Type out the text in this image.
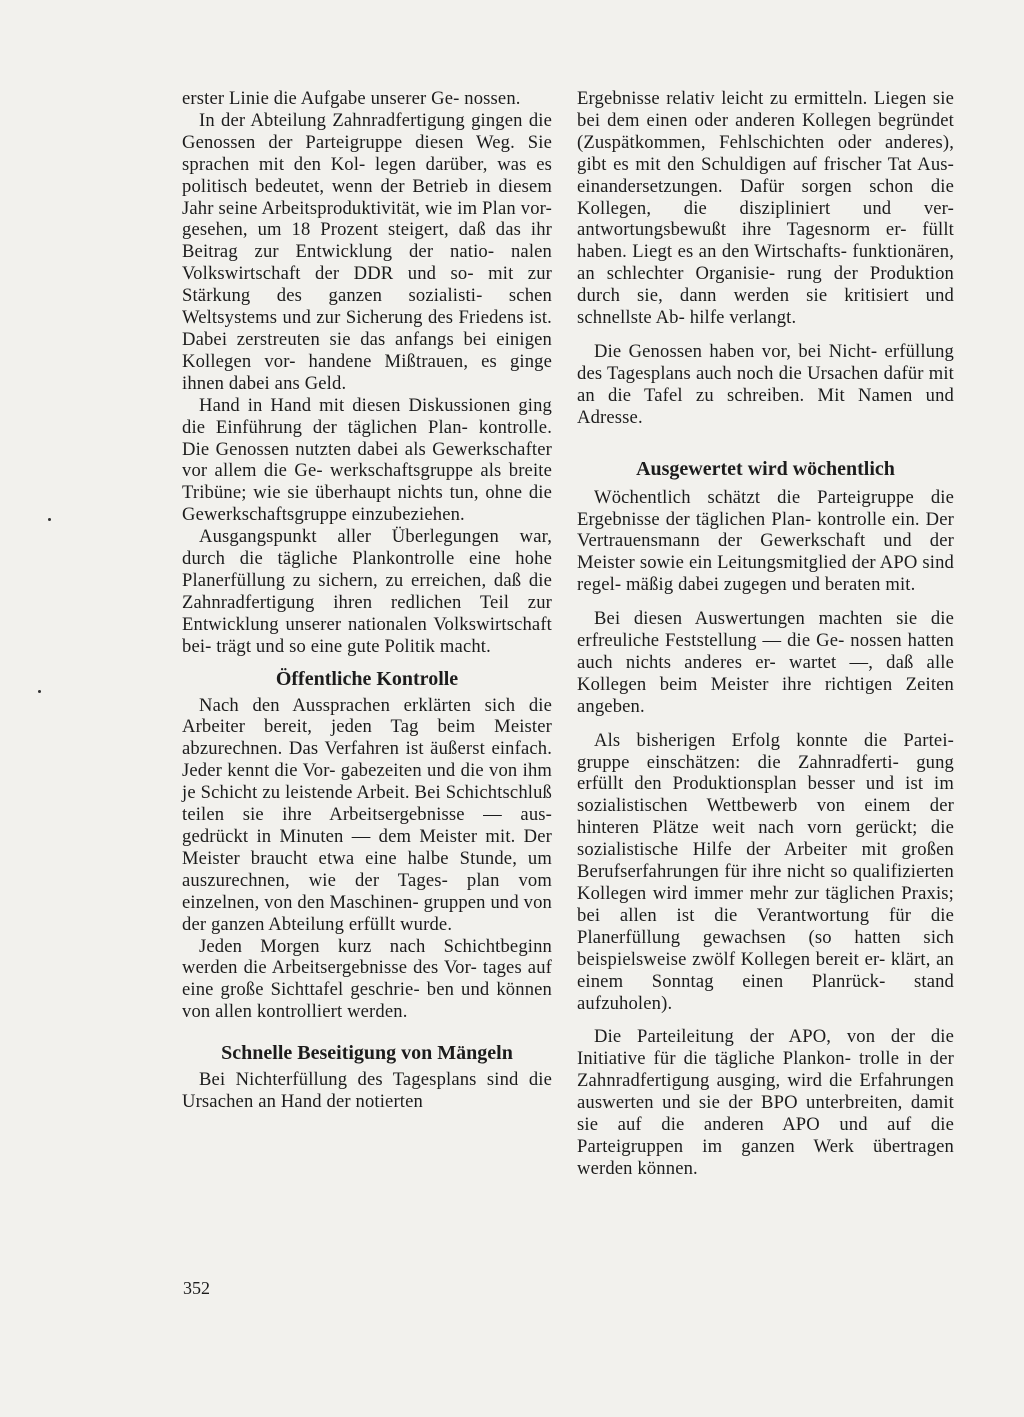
erster Linie die Aufgabe unserer Ge- nossen.

In der Abteilung Zahnradfertigung gingen die Genossen der Parteigruppe diesen Weg. Sie sprachen mit den Kol- legen darüber, was es politisch bedeutet, wenn der Betrieb in diesem Jahr seine Arbeitsproduktivität, wie im Plan vor- gesehen, um 18 Prozent steigert, daß das ihr Beitrag zur Entwicklung der natio- nalen Volkswirtschaft der DDR und so- mit zur Stärkung des ganzen sozialisti- schen Weltsystems und zur Sicherung des Friedens ist. Dabei zerstreuten sie das anfangs bei einigen Kollegen vor- handene Mißtrauen, es ginge ihnen dabei ans Geld.

Hand in Hand mit diesen Diskussionen ging die Einführung der täglichen Plan- kontrolle. Die Genossen nutzten dabei als Gewerkschafter vor allem die Ge- werkschaftsgruppe als breite Tribüne; wie sie überhaupt nichts tun, ohne die Gewerkschaftsgruppe einzubeziehen.

Ausgangspunkt aller Überlegungen war, durch die tägliche Plankontrolle eine hohe Planerfüllung zu sichern, zu erreichen, daß die Zahnradfertigung ihren redlichen Teil zur Entwicklung unserer nationalen Volkswirtschaft bei- trägt und so eine gute Politik macht.

Öffentliche Kontrolle

Nach den Aussprachen erklärten sich die Arbeiter bereit, jeden Tag beim Meister abzurechnen. Das Verfahren ist äußerst einfach. Jeder kennt die Vor- gabezeiten und die von ihm je Schicht zu leistende Arbeit. Bei Schichtschluß teilen sie ihre Arbeitsergebnisse — aus- gedrückt in Minuten — dem Meister mit. Der Meister braucht etwa eine halbe Stunde, um auszurechnen, wie der Tages- plan vom einzelnen, von den Maschinen- gruppen und von der ganzen Abteilung erfüllt wurde.

Jeden Morgen kurz nach Schichtbeginn werden die Arbeitsergebnisse des Vor- tages auf eine große Sichttafel geschrie- ben und können von allen kontrolliert werden.

Schnelle Beseitigung von Mängeln

Bei Nichterfüllung des Tagesplans sind die Ursachen an Hand der notierten

Ergebnisse relativ leicht zu ermitteln. Liegen sie bei dem einen oder anderen Kollegen begründet (Zuspätkommen, Fehlschichten oder anderes), gibt es mit den Schuldigen auf frischer Tat Aus- einandersetzungen. Dafür sorgen schon die Kollegen, die diszipliniert und ver- antwortungsbewußt ihre Tagesnorm er- füllt haben. Liegt es an den Wirtschafts- funktionären, an schlechter Organisie- rung der Produktion durch sie, dann werden sie kritisiert und schnellste Ab- hilfe verlangt.

Die Genossen haben vor, bei Nicht- erfüllung des Tagesplans auch noch die Ursachen dafür mit an die Tafel zu schreiben. Mit Namen und Adresse.

Ausgewertet wird wöchentlich

Wöchentlich schätzt die Parteigruppe die Ergebnisse der täglichen Plan- kontrolle ein. Der Vertrauensmann der Gewerkschaft und der Meister sowie ein Leitungsmitglied der APO sind regel- mäßig dabei zugegen und beraten mit.

Bei diesen Auswertungen machten sie die erfreuliche Feststellung — die Ge- nossen hatten auch nichts anderes er- wartet —, daß alle Kollegen beim Meister ihre richtigen Zeiten angeben.

Als bisherigen Erfolg konnte die Partei- gruppe einschätzen: die Zahnradferti- gung erfüllt den Produktionsplan besser und ist im sozialistischen Wettbewerb von einem der hinteren Plätze weit nach vorn gerückt; die sozialistische Hilfe der Arbeiter mit großen Berufserfahrungen für ihre nicht so qualifizierten Kollegen wird immer mehr zur täglichen Praxis; bei allen ist die Verantwortung für die Planerfüllung gewachsen (so hatten sich beispielsweise zwölf Kollegen bereit er- klärt, an einem Sonntag einen Planrück- stand aufzuholen).

Die Parteileitung der APO, von der die Initiative für die tägliche Plankon- trolle in der Zahnradfertigung ausging, wird die Erfahrungen auswerten und sie der BPO unterbreiten, damit sie auf die anderen APO und auf die Parteigruppen im ganzen Werk übertragen werden können.

352
